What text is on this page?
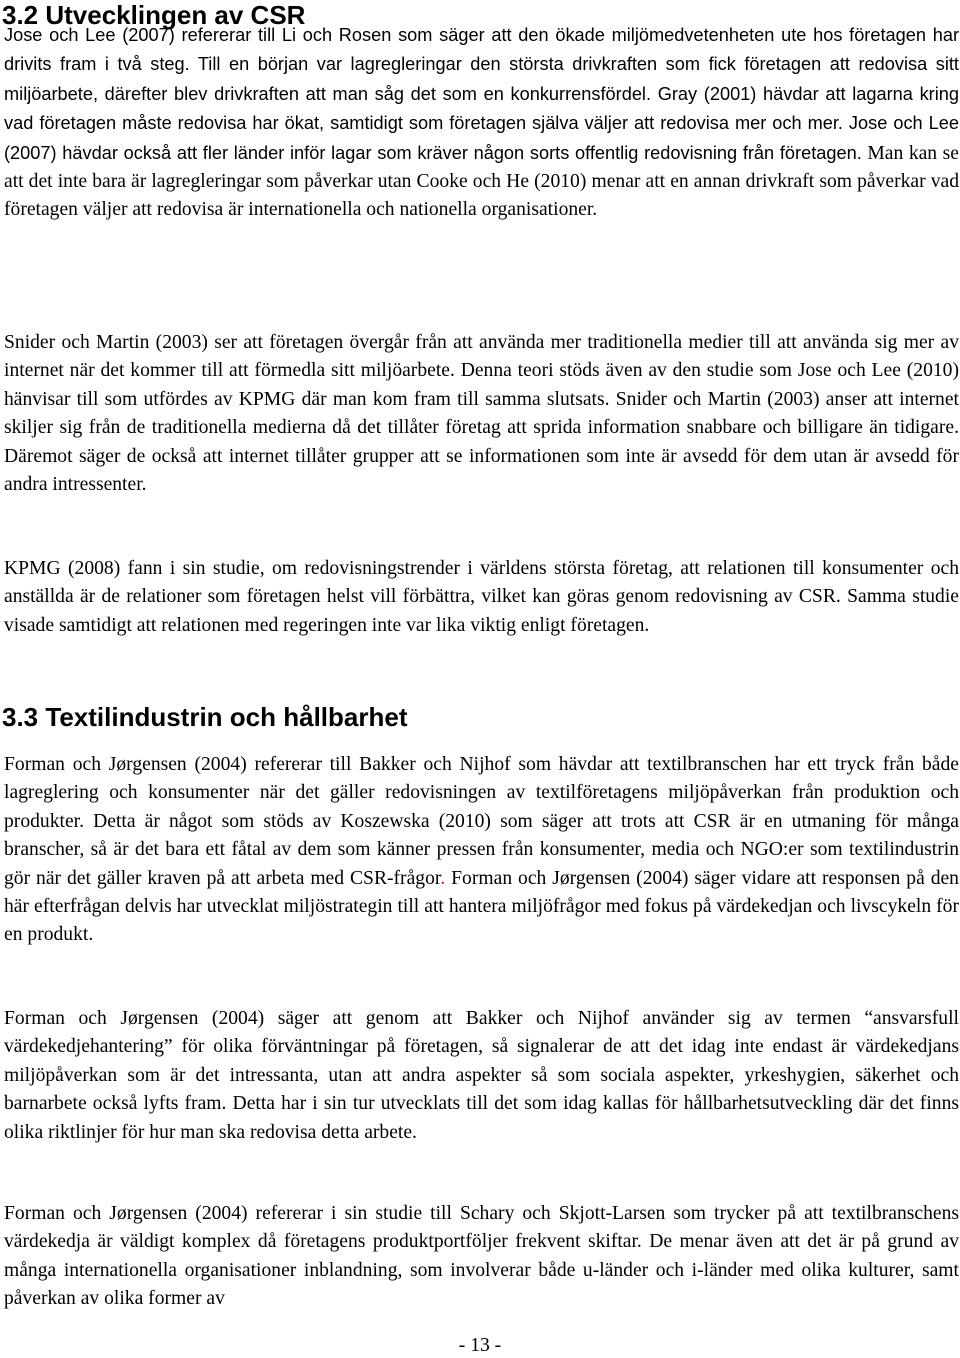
3.2 Utvecklingen av CSR

Jose och Lee (2007) refererar till Li och Rosen som säger att den ökade miljömedvetenheten ute hos företagen har drivits fram i två steg. Till en början var lagregleringar den största drivkraften som fick företagen att redovisa sitt miljöarbete, därefter blev drivkraften att man såg det som en konkurrensfördel. Gray (2001) hävdar att lagarna kring vad företagen måste redovisa har ökat, samtidigt som företagen själva väljer att redovisa mer och mer. Jose och Lee (2007) hävdar också att fler länder inför lagar som kräver någon sorts offentlig redovisning från företagen. Man kan se att det inte bara är lagregleringar som påverkar utan Cooke och He (2010) menar att en annan drivkraft som påverkar vad företagen väljer att redovisa är internationella och nationella organisationer.

Snider och Martin (2003) ser att företagen övergår från att använda mer traditionella medier till att använda sig mer av internet när det kommer till att förmedla sitt miljöarbete. Denna teori stöds även av den studie som Jose och Lee (2010) hänvisar till som utfördes av KPMG där man kom fram till samma slutsats. Snider och Martin (2003) anser att internet skiljer sig från de traditionella medierna då det tillåter företag att sprida information snabbare och billigare än tidigare. Däremot säger de också att internet tillåter grupper att se informationen som inte är avsedd för dem utan är avsedd för andra intressenter.

KPMG (2008) fann i sin studie, om redovisningstrender i världens största företag, att relationen till konsumenter och anställda är de relationer som företagen helst vill förbättra, vilket kan göras genom redovisning av CSR. Samma studie visade samtidigt att relationen med regeringen inte var lika viktig enligt företagen.

3.3 Textilindustrin och hållbarhet

Forman och Jørgensen (2004) refererar till Bakker och Nijhof som hävdar att textilbranschen har ett tryck från både lagreglering och konsumenter när det gäller redovisningen av textilföretagens miljöpåverkan från produktion och produkter. Detta är något som stöds av Koszewska (2010) som säger att trots att CSR är en utmaning för många branscher, så är det bara ett fåtal av dem som känner pressen från konsumenter, media och NGO:er som textilindustrin gör när det gäller kraven på att arbeta med CSR-frågor. Forman och Jørgensen (2004) säger vidare att responsen på den här efterfrågan delvis har utvecklat miljöstrategin till att hantera miljöfrågor med fokus på värdekedjan och livscykeln för en produkt.

Forman och Jørgensen (2004) säger att genom att Bakker och Nijhof använder sig av termen “ansvarsfull värdekedjehantering” för olika förväntningar på företagen, så signalerar de att det idag inte endast är värdekedjans miljöpåverkan som är det intressanta, utan att andra aspekter så som sociala aspekter, yrkeshygien, säkerhet och barnarbete också lyfts fram. Detta har i sin tur utvecklats till det som idag kallas för hållbarhetsutveckling där det finns olika riktlinjer för hur man ska redovisa detta arbete.

Forman och Jørgensen (2004) refererar i sin studie till Schary och Skjott-Larsen som trycker på att textilbranschens värdekedja är väldigt komplex då företagens produktportföljer frekvent skiftar. De menar även att det är på grund av många internationella organisationer inblandning, som involverar både u-länder och i-länder med olika kulturer, samt påverkan av olika former av

- 13 -
